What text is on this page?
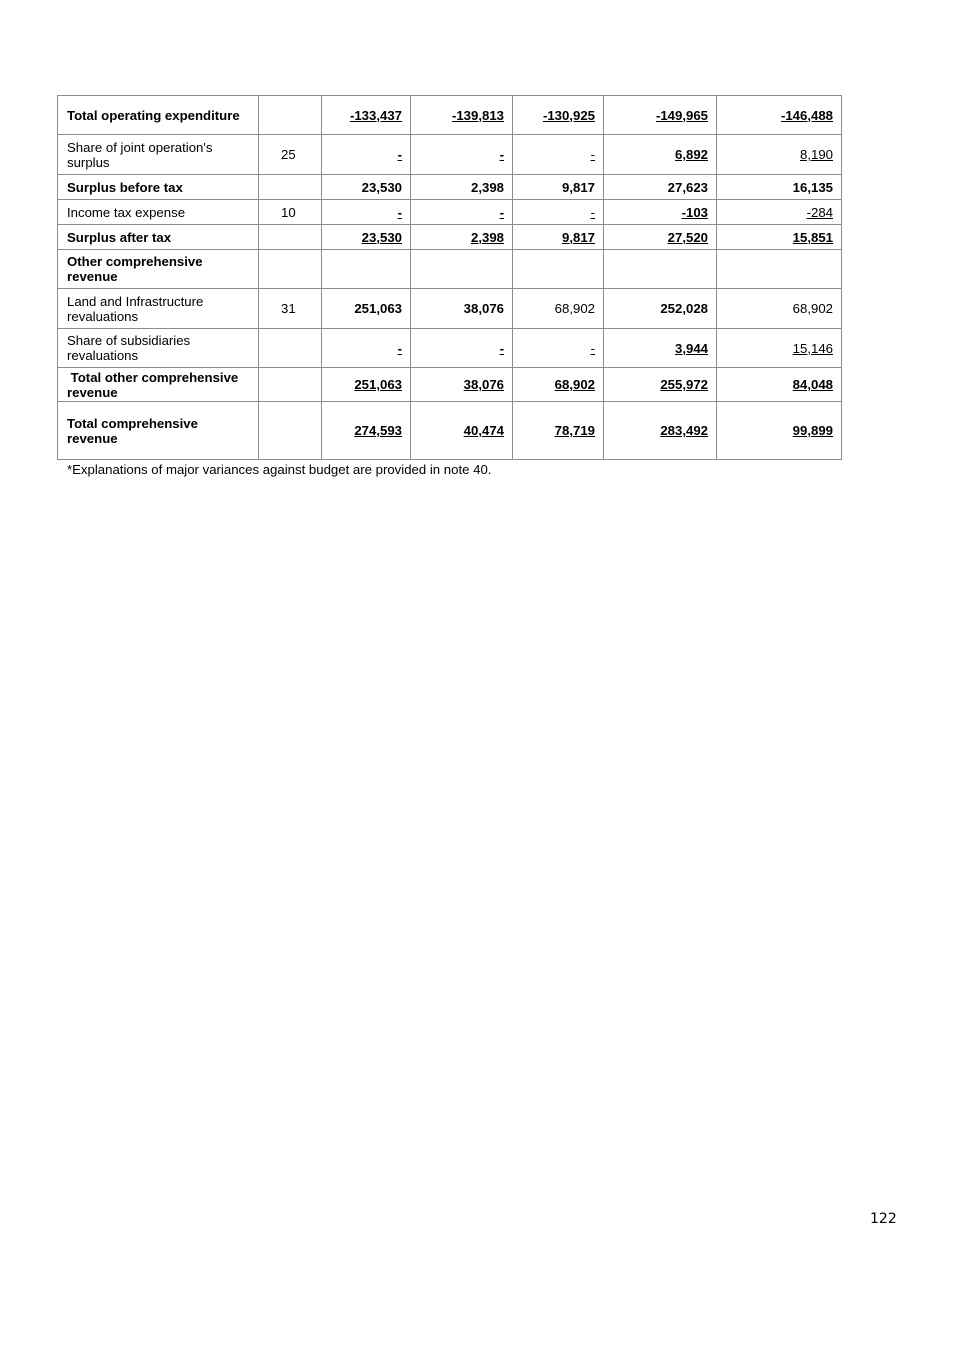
Total operating expenditure		-133,437	-139,813	-130,925	-149,965	-146,488
Share of joint operation's surplus	25	-	-	-	6,892	8,190
Surplus before tax		23,530	2,398	9,817	27,623	16,135
Income tax expense	10	-	-	-	-103	-284
Surplus after tax		23,530	2,398	9,817	27,520	15,851
Other comprehensive revenue						
Land and Infrastructure revaluations	31	251,063	38,076	68,902	252,028	68,902
Share of subsidiaries revaluations		-	-	-	3,944	15,146
Total other comprehensive revenue		251,063	38,076	68,902	255,972	84,048
Total comprehensive revenue		274,593	40,474	78,719	283,492	99,899
*Explanations of major variances against budget are provided in note 40.
122
